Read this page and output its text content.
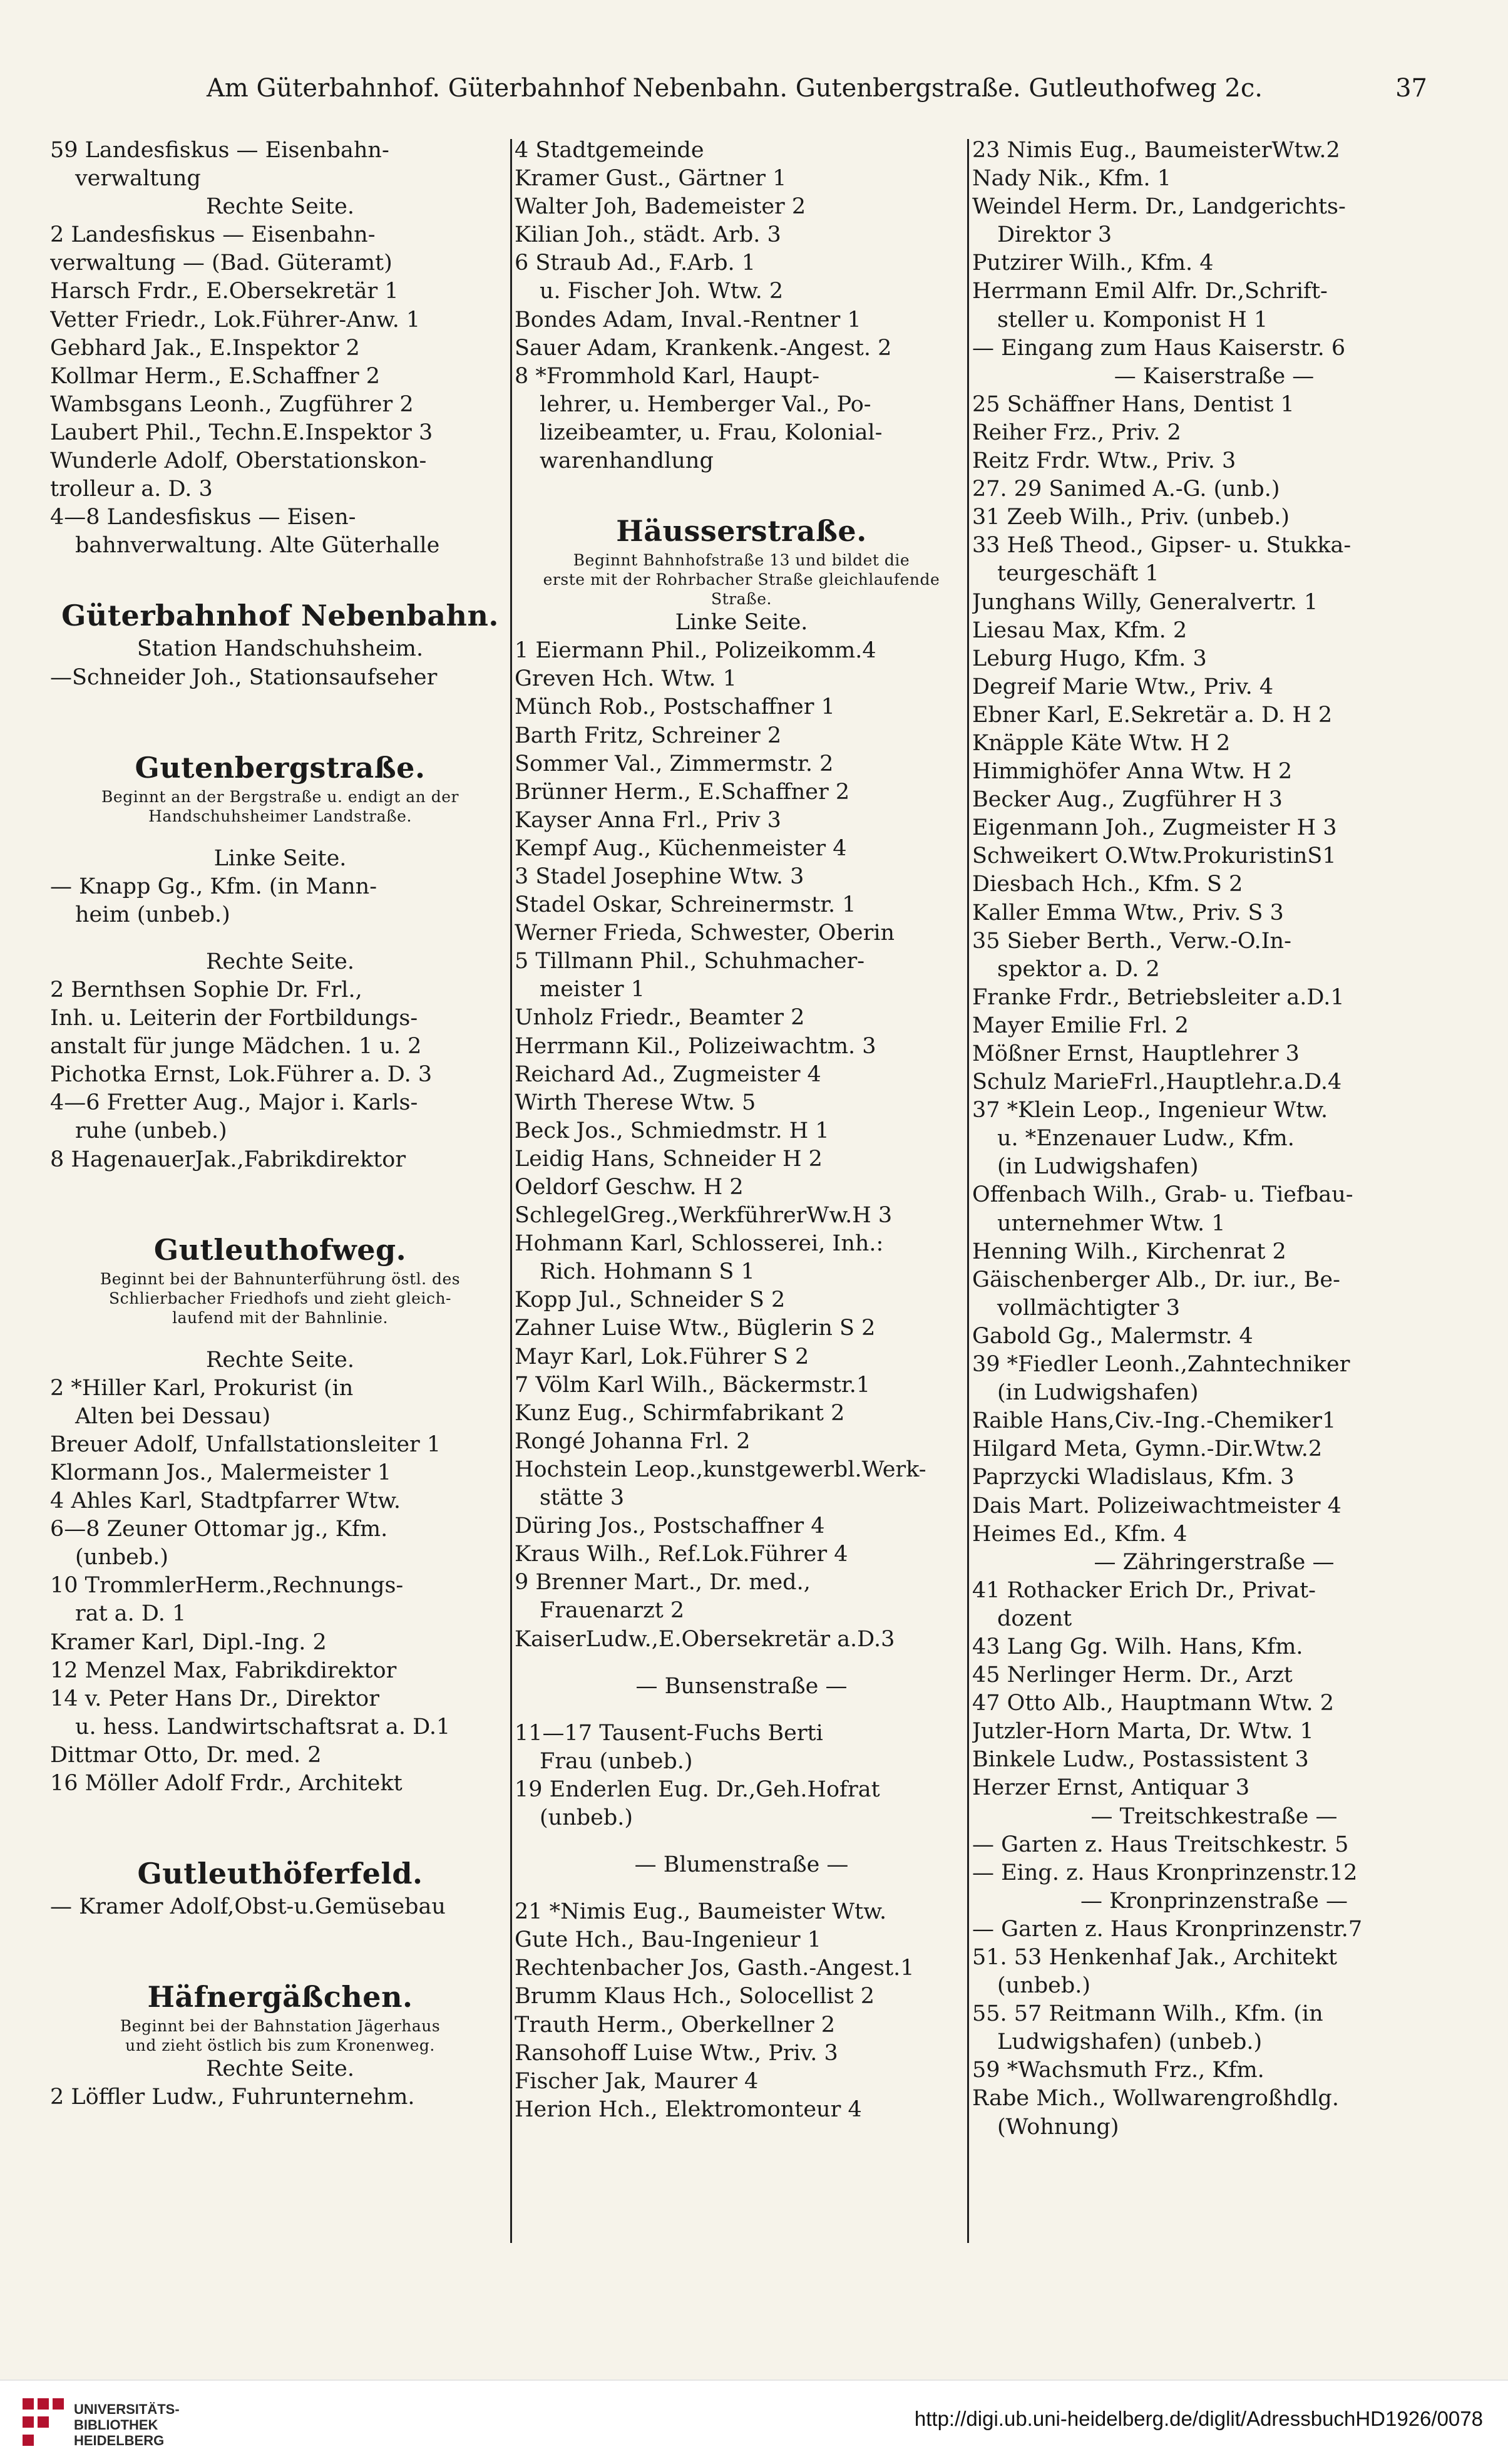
Am Güterbahnhof. Güterbahnhof Nebenbahn. Gutenbergstraße. Gutleuthofweg 2c.	37
59 Landesfiskus — Eisenbahn-
verwaltung
Rechte Seite.
2 Landesfiskus — Eisenbahn-
verwaltung — (Bad. Güteramt)
Harsch Frdr., E.Obersekretär 1
Vetter Friedr., Lok.Führer-Anw. 1
Gebhard Jak., E.Inspektor 2
Kollmar Herm., E.Schaffner 2
Wambsgans Leonh., Zugführer 2
Laubert Phil., Techn.E.Inspektor 3
Wunderle Adolf, Oberstationskon-
trolleur a. D. 3
4—8 Landesfiskus — Eisen-
bahnverwaltung. Alte Güterhalle
Güterbahnhof Nebenbahn.
Station Handschuhsheim.
—Schneider Joh., Stationsaufseher
Gutenbergstraße.
Beginnt an der Bergstraße u. endigt an der
Handschuhsheimer Landstraße.
Linke Seite.
— Knapp Gg., Kfm. (in Mann-
heim (unbeb.)
Rechte Seite.
2 Bernthsen Sophie Dr. Frl.,
Inh. u. Leiterin der Fortbildungs-
anstalt für junge Mädchen. 1 u. 2
Pichotka Ernst, Lok.Führer a. D. 3
4—6 Fretter Aug., Major i. Karls-
ruhe (unbeb.)
8 HagenauerJak.,Fabrikdirektor
Gutleuthofweg.
Beginnt bei der Bahnunterführung östl. des
Schlierbacher Friedhofs und zieht gleich-
laufend mit der Bahnlinie.
Rechte Seite.
2 *Hiller Karl, Prokurist (in
Alten bei Dessau)
Breuer Adolf, Unfallstationsleiter 1
Klormann Jos., Malermeister 1
4 Ahles Karl, Stadtpfarrer Wtw.
6—8 Zeuner Ottomar jg., Kfm.
(unbeb.)
10 TrommlerHerm.,Rechnungs-
rat a. D. 1
Kramer Karl, Dipl.-Ing. 2
12 Menzel Max, Fabrikdirektor
14 v. Peter Hans Dr., Direktor
u. hess. Landwirtschaftsrat a. D.1
Dittmar Otto, Dr. med. 2
16 Möller Adolf Frdr., Architekt
Gutleuthöferfeld.
— Kramer Adolf,Obst-u.Gemüsebau
Häfnergäßchen.
Beginnt bei der Bahnstation Jägerhaus
und zieht östlich bis zum Kronenweg.
Rechte Seite.
2 Löffler Ludw., Fuhrunternehm.
4 Stadtgemeinde
Kramer Gust., Gärtner 1
Walter Joh, Bademeister 2
Kilian Joh., städt. Arb. 3
6 Straub Ad., F.Arb. 1
u. Fischer Joh. Wtw. 2
Bondes Adam, Inval.-Rentner 1
Sauer Adam, Krankenk.-Angest. 2
8 *Frommhold Karl, Haupt-
lehrer, u. Hemberger Val., Po-
lizeibeamter, u. Frau, Kolonial-
warenhandlung
Häusserstraße.
Beginnt Bahnhofstraße 13 und bildet die
erste mit der Rohrbacher Straße gleichlaufende
Straße.
Linke Seite.
1 Eiermann Phil., Polizeikomm.4
Greven Hch. Wtw. 1
Münch Rob., Postschaffner 1
Barth Fritz, Schreiner 2
Sommer Val., Zimmermstr. 2
Brünner Herm., E.Schaffner 2
Kayser Anna Frl., Priv 3
Kempf Aug., Küchenmeister 4
3 Stadel Josephine Wtw. 3
Stadel Oskar, Schreinermstr. 1
Werner Frieda, Schwester, Oberin
5 Tillmann Phil., Schuhmacher-
meister 1
Unholz Friedr., Beamter 2
Herrmann Kil., Polizeiwachtm. 3
Reichard Ad., Zugmeister 4
Wirth Therese Wtw. 5
Beck Jos., Schmiedmstr. H 1
Leidig Hans, Schneider H 2
Oeldorf Geschw. H 2
SchlegelGreg.,WerkführerWw.H 3
Hohmann Karl, Schlosserei, Inh.:
Rich. Hohmann S 1
Kopp Jul., Schneider S 2
Zahner Luise Wtw., Büglerin S 2
Mayr Karl, Lok.Führer S 2
7 Völm Karl Wilh., Bäckermstr.1
Kunz Eug., Schirmfabrikant 2
Rongé Johanna Frl. 2
Hochstein Leop.,kunstgewerbl.Werk-
stätte 3
Düring Jos., Postschaffner 4
Kraus Wilh., Ref.Lok.Führer 4
9 Brenner Mart., Dr. med.,
Frauenarzt 2
KaiserLudw.,E.Obersekretär a.D.3
— Bunsenstraße —
11—17 Tausent-Fuchs Berti
Frau (unbeb.)
19 Enderlen Eug. Dr.,Geh.Hofrat
(unbeb.)
— Blumenstraße —
21 *Nimis Eug., Baumeister Wtw.
Gute Hch., Bau-Ingenieur 1
Rechtenbacher Jos, Gasth.-Angest.1
Brumm Klaus Hch., Solocellist 2
Trauth Herm., Oberkellner 2
Ransohoff Luise Wtw., Priv. 3
Fischer Jak, Maurer 4
Herion Hch., Elektromonteur 4
23 Nimis Eug., BaumeisterWtw.2
Nady Nik., Kfm. 1
Weindel Herm. Dr., Landgerichts-
Direktor 3
Putzirer Wilh., Kfm. 4
Herrmann Emil Alfr. Dr.,Schrift-
steller u. Komponist H 1
— Eingang zum Haus Kaiserstr. 6
— Kaiserstraße —
25 Schäffner Hans, Dentist 1
Reiher Frz., Priv. 2
Reitz Frdr. Wtw., Priv. 3
27. 29 Sanimed A.-G. (unb.)
31 Zeeb Wilh., Priv. (unbeb.)
33 Heß Theod., Gipser- u. Stukka-
teurgeschäft 1
Junghans Willy, Generalvertr. 1
Liesau Max, Kfm. 2
Leburg Hugo, Kfm. 3
Degreif Marie Wtw., Priv. 4
Ebner Karl, E.Sekretär a. D. H 2
Knäpple Käte Wtw. H 2
Himmighöfer Anna Wtw. H 2
Becker Aug., Zugführer H 3
Eigenmann Joh., Zugmeister H 3
Schweikert O.Wtw.ProkuristinS1
Diesbach Hch., Kfm. S 2
Kaller Emma Wtw., Priv. S 3
35 Sieber Berth., Verw.-O.In-
spektor a. D. 2
Franke Frdr., Betriebsleiter a.D.1
Mayer Emilie Frl. 2
Mößner Ernst, Hauptlehrer 3
Schulz MarieFrl.,Hauptlehr.a.D.4
37 *Klein Leop., Ingenieur Wtw.
u. *Enzenauer Ludw., Kfm.
(in Ludwigshafen)
Offenbach Wilh., Grab- u. Tiefbau-
unternehmer Wtw. 1
Henning Wilh., Kirchenrat 2
Gäischenberger Alb., Dr. iur., Be-
vollmächtigter 3
Gabold Gg., Malermstr. 4
39 *Fiedler Leonh.,Zahntechniker
(in Ludwigshafen)
Raible Hans,Civ.-Ing.-Chemiker1
Hilgard Meta, Gymn.-Dir.Wtw.2
Paprzycki Wladislaus, Kfm. 3
Dais Mart. Polizeiwachtmeister 4
Heimes Ed., Kfm. 4
— Zähringerstraße —
41 Rothacker Erich Dr., Privat-
dozent
43 Lang Gg. Wilh. Hans, Kfm.
45 Nerlinger Herm. Dr., Arzt
47 Otto Alb., Hauptmann Wtw. 2
Jutzler-Horn Marta, Dr. Wtw. 1
Binkele Ludw., Postassistent 3
Herzer Ernst, Antiquar 3
— Treitschkestraße —
— Garten z. Haus Treitschkestr. 5
— Eing. z. Haus Kronprinzenstr.12
— Kronprinzenstraße —
— Garten z. Haus Kronprinzenstr.7
51. 53 Henkenhaf Jak., Architekt
(unbeb.)
55. 57 Reitmann Wilh., Kfm. (in
Ludwigshafen) (unbeb.)
59 *Wachsmuth Frz., Kfm.
Rabe Mich., Wollwarengroßhdlg.
(Wohnung)
UNIVERSITÄTS-
BIBLIOTHEK
HEIDELBERG
http://digi.ub.uni-heidelberg.de/diglit/AdressbuchHD1926/0078
